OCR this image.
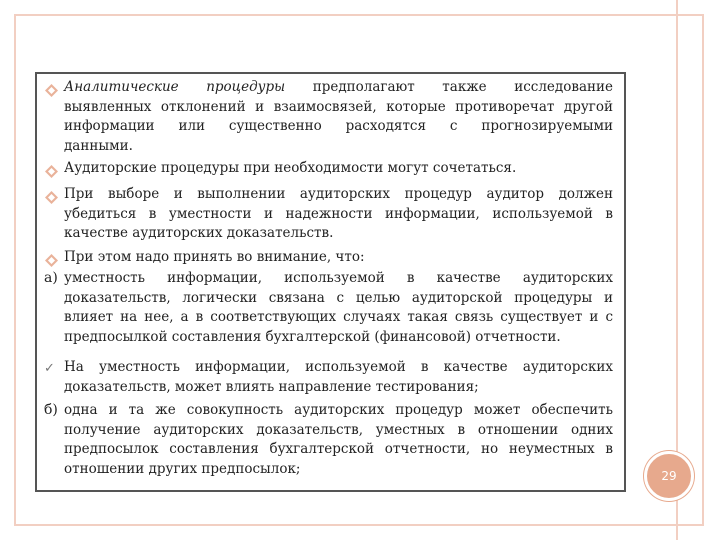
Аналитические процедуры предполагают также исследование
выявленных отклонений и взаимосвязей, которые противоречат другой
информации или существенно расходятся с прогнозируемыми
данными.
Аудиторские процедуры при необходимости могут сочетаться.
При выборе и выполнении аудиторских процедур аудитор должен
убедиться в уместности и надежности информации, используемой в
качестве аудиторских доказательств.
При этом надо принять во внимание, что:
а) уместность информации, используемой в качестве аудиторских
доказательств, логически связана с целью аудиторской процедуры и
влияет на нее, а в соответствующих случаях такая связь существует и с
предпосылкой составления бухгалтерской (финансовой) отчетности.
✓ На уместность информации, используемой в качестве аудиторских
доказательств, может влиять направление тестирования;
б) одна и та же совокупность аудиторских процедур может обеспечить
получение аудиторских доказательств, уместных в отношении одних
предпосылок составления бухгалтерской отчетности, но неуместных в
отношении других предпосылок;	29
